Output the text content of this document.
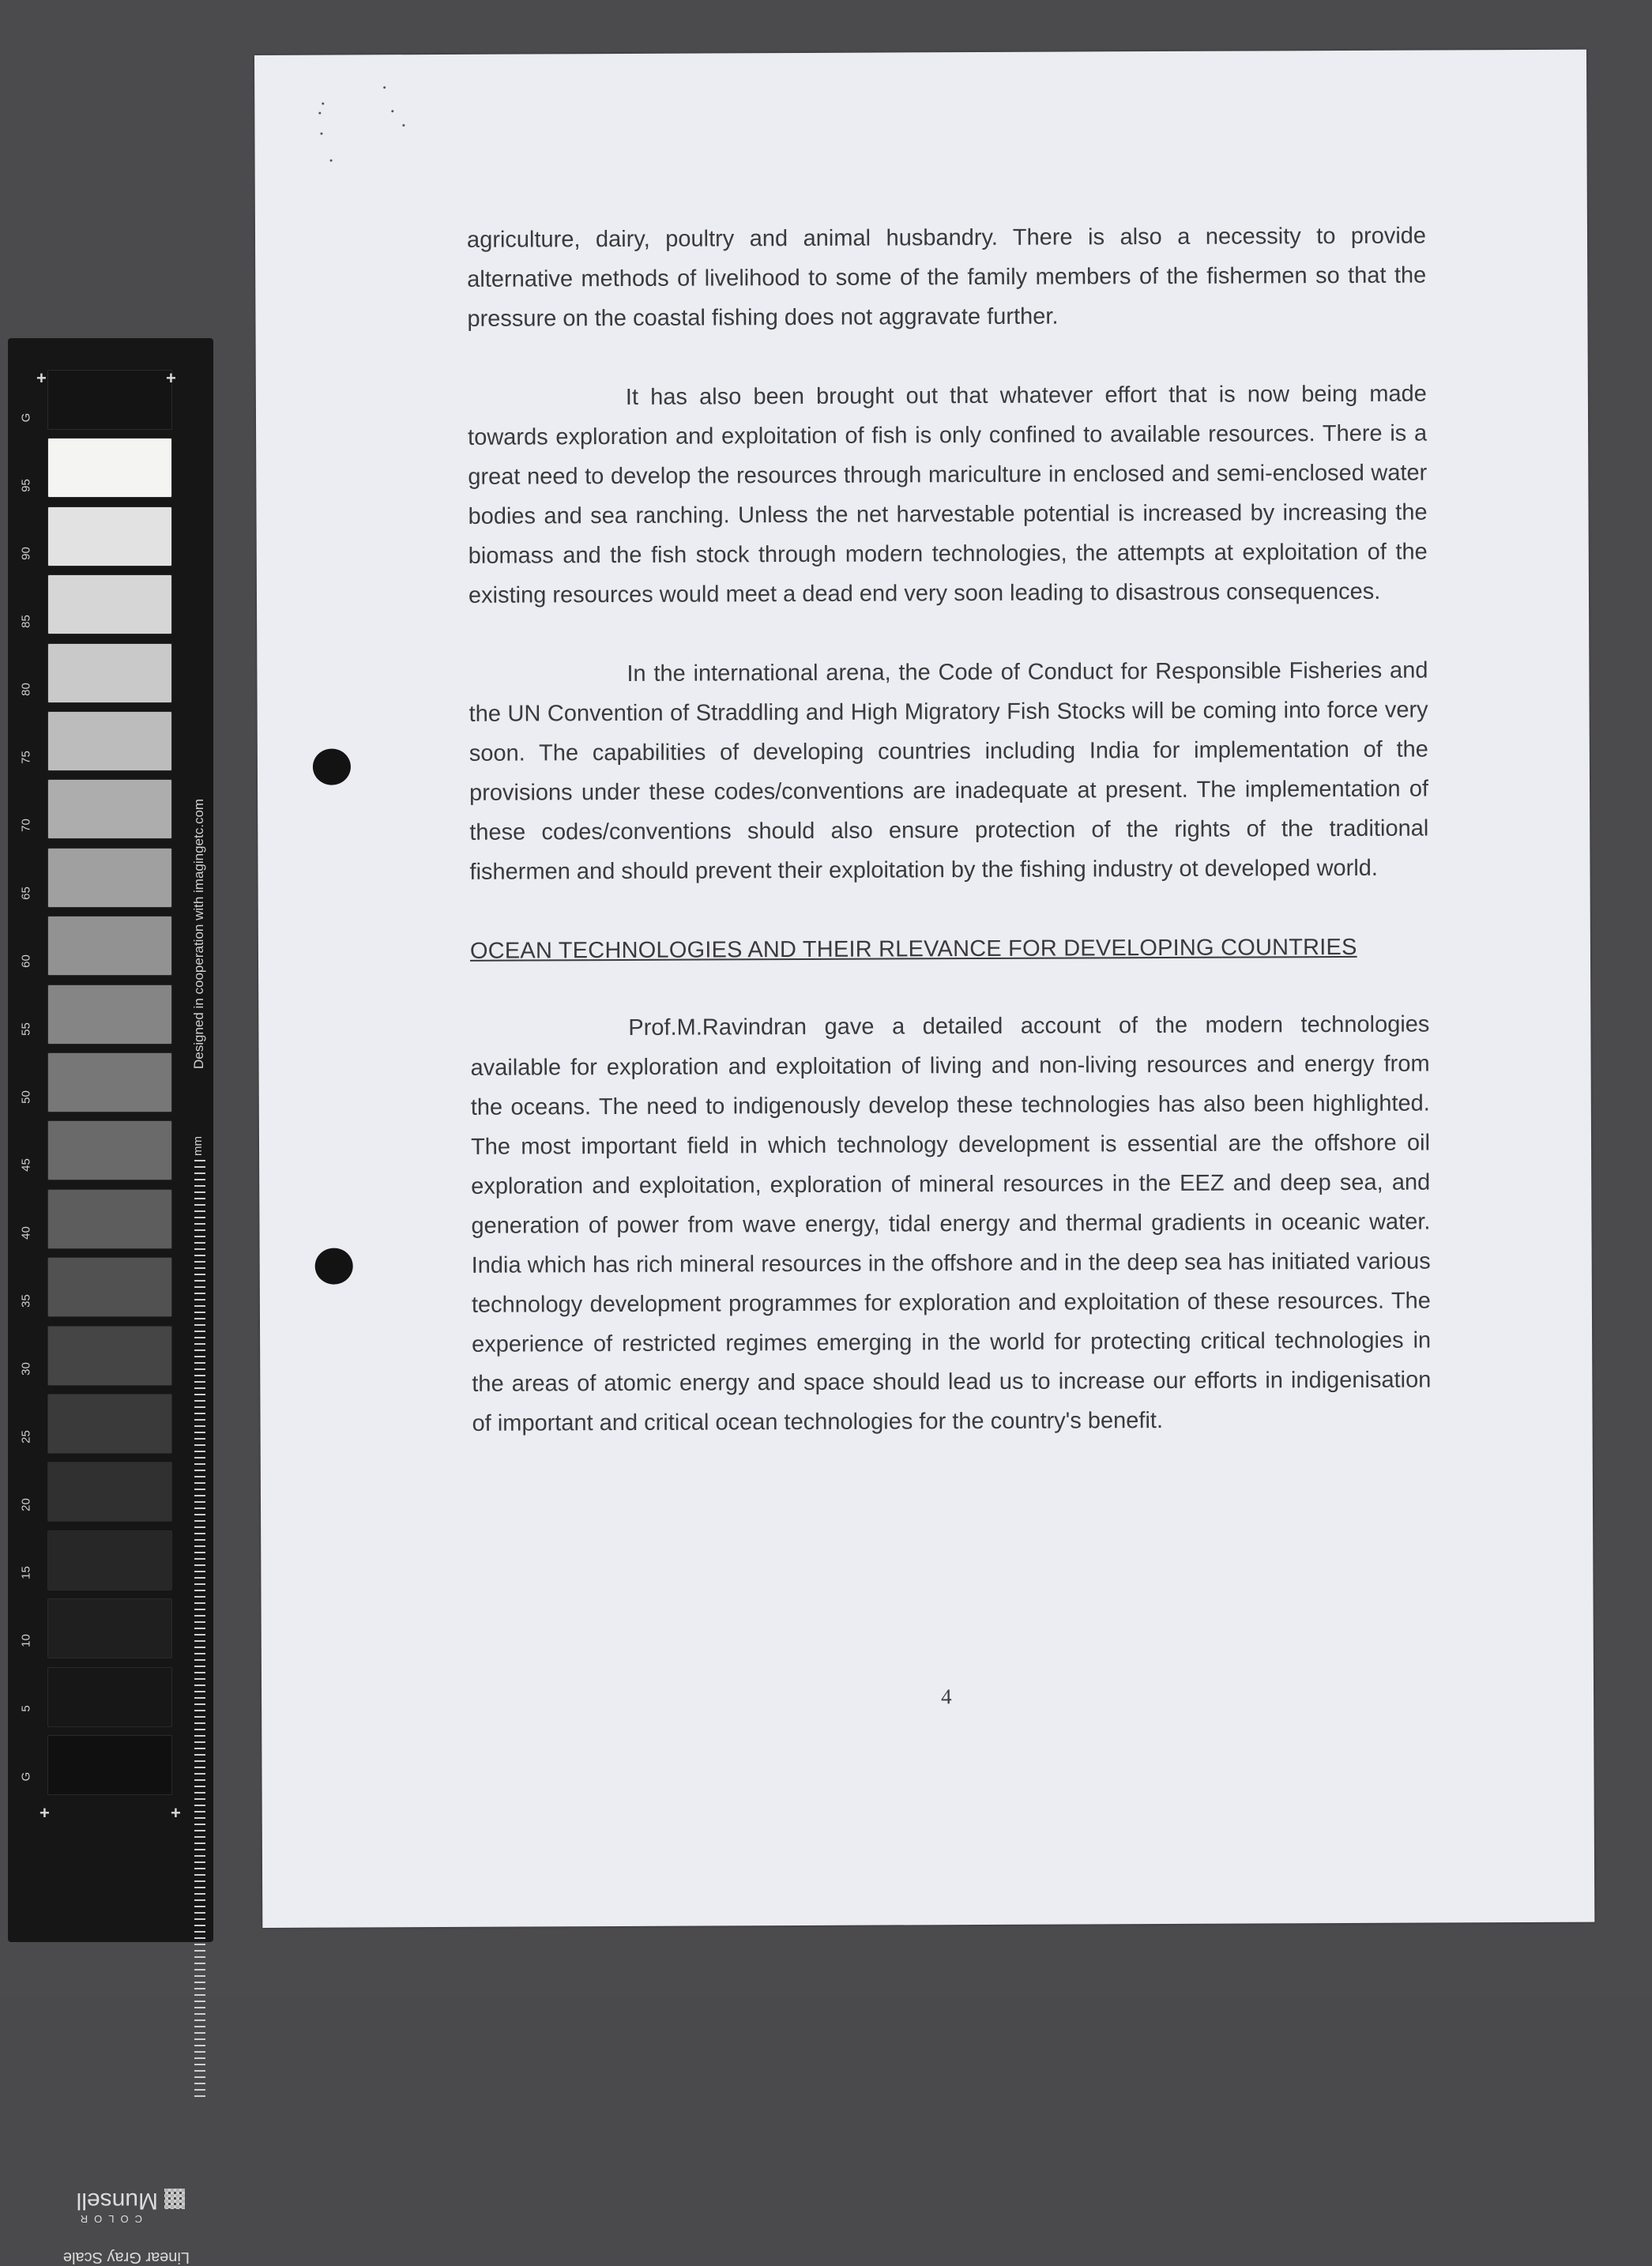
G
95
90
85
80
75
70
65
60
55
50
45
40
35
30
25
20
15
10
5
G
+	+
+	+
Designed in cooperation with imagingetc.com
mm
Linear Gray Scale
COLOR
Munsell

agriculture, dairy, poultry and animal husbandry. There is also a necessity to provide alternative methods of livelihood to some of the family members of the fishermen so that the pressure on the coastal fishing does not aggravate further.

It has also been brought out that whatever effort that is now being made towards exploration and exploitation of fish is only confined to available resources. There is a great need to develop the resources through mariculture in enclosed and semi-enclosed water bodies and sea ranching. Unless the net harvestable potential is increased by increasing the biomass and the fish stock through modern technologies, the attempts at exploitation of the existing resources would meet a dead end very soon leading to disastrous consequences.

In the international arena, the Code of Conduct for Responsible Fisheries and the UN Convention of Straddling and High Migratory Fish Stocks will be coming into force very soon. The capabilities of developing countries including India for implementation of the provisions under these codes/conventions are inadequate at present. The implementation of these codes/conventions should also ensure protection of the rights of the traditional fishermen and should prevent their exploitation by the fishing industry ot developed world.

OCEAN TECHNOLOGIES AND THEIR RLEVANCE FOR DEVELOPING COUNTRIES

Prof.M.Ravindran gave a detailed account of the modern technologies available for exploration and exploitation of living and non-living resources and energy from the oceans. The need to indigenously develop these technologies has also been highlighted. The most important field in which technology development is essential are the offshore oil exploration and exploitation, exploration of mineral resources in the EEZ and deep sea, and generation of power from wave energy, tidal energy and thermal gradients in oceanic water. India which has rich mineral resources in the offshore and in the deep sea has initiated various technology development programmes for exploration and exploitation of these resources. The experience of restricted regimes emerging in the world for protecting critical technologies in the areas of atomic energy and space should lead us to increase our efforts in indigenisation of important and critical ocean technologies for the country's benefit.

4
